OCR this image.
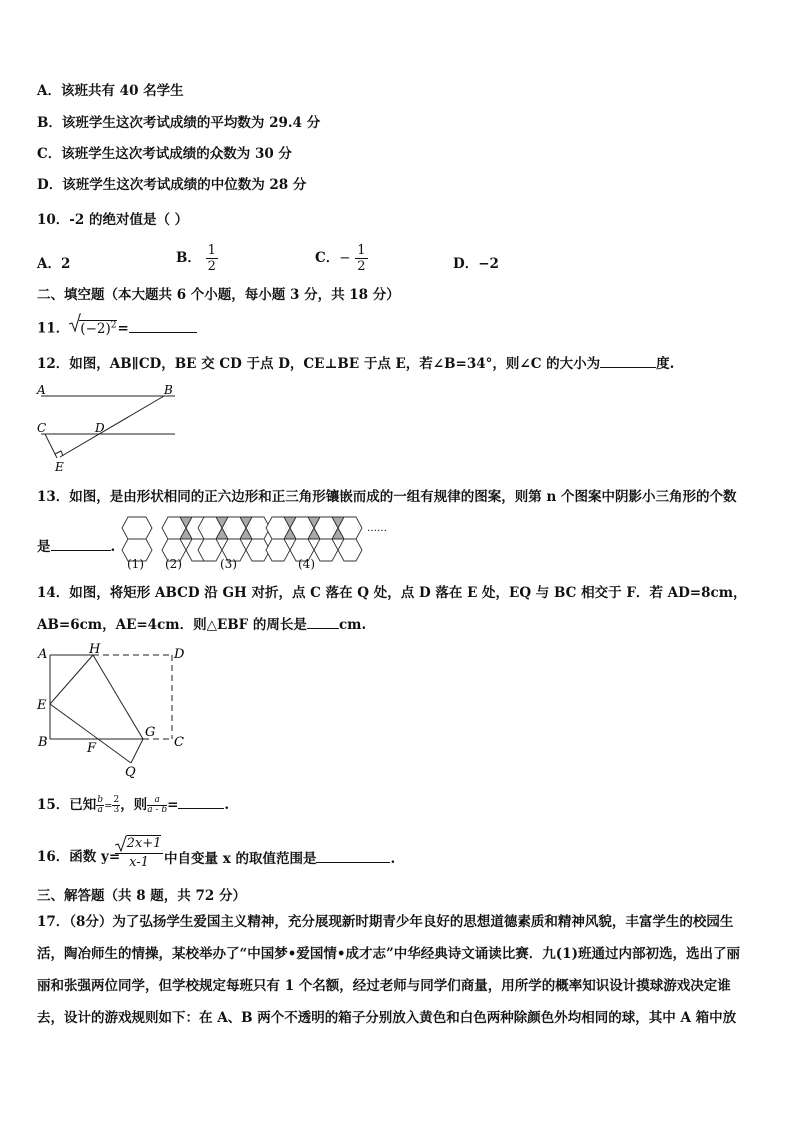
A．该班共有 40 名学生
B．该班学生这次考试成绩的平均数为 29.4 分
C．该班学生这次考试成绩的众数为 30 分
D．该班学生这次考试成绩的中位数为 28 分
10．-2 的绝对值是（ ）
A．2	B． $\frac{1}{2}$	C．− $\frac{1}{2}$	D．−2
二、填空题（本大题共 6 个小题，每小题 3 分，共 18 分）
11． $(-2)^2=$
12．如图，AB∥CD，BE 交 CD 于点 D，CE⊥BE 于点 E，若∠B=34°，则∠C 的大小为	度.
A	B
C	D
E
13．如图，是由形状相同的正六边形和正三角形镶嵌而成的一组有规律的图案，则第 n 个图案中阴影小三角形的个数
是	.
……
(1) (2)	(3)	(4)
14．如图，将矩形 ABCD 沿 GH 对折，点 C 落在 Q 处，点 D 落在 E 处，EQ 与 BC 相交于 F．若 AD=8cm，
AB=6cm，AE=4cm．则△EBF 的周长是 cm.
A	H	D
E
G
B	F	C
Q
15．已知 $\frac{b}{a} = \frac{2}{3}$ ，则 $\frac{a}{a - b}$ =	.
16．函数 y=
$\frac{2x+1}{x-1}$ 中自变量 x 的取值范围是	.
三、解答题（共 8 题，共 72 分）
17．（8分）为了弘扬学生爱国主义精神，充分展现新时期青少年良好的思想道德素质和精神风貌，丰富学生的校园生
活，陶冶师生的情操，某校举办了“中国梦•爱国情•成才志”中华经典诗文诵读比赛．九(1)班通过内部初选，选出了丽
丽和张强两位同学，但学校规定每班只有 1 个名额，经过老师与同学们商量，用所学的概率知识设计摸球游戏决定谁
去，设计的游戏规则如下：在 A、B 两个不透明的箱子分别放入黄色和白色两种除颜色外均相同的球，其中 A 箱中放
